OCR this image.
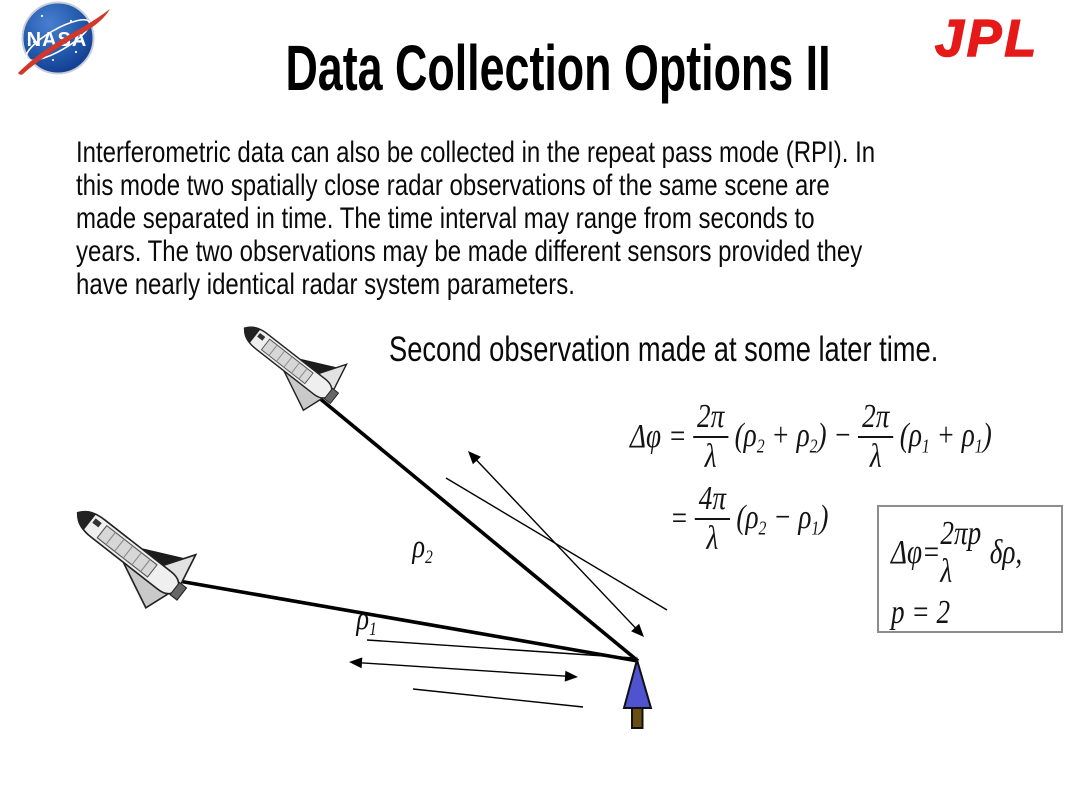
NASA	JPL
Data Collection Options II
Interferometric data can also be collected in the repeat pass mode (RPI). In
this mode two spatially close radar observations of the same scene are
made separated in time. The time interval may range from seconds to
years. The two observations may be made different sensors provided they
have nearly identical radar system parameters.
Second observation made at some later time.

ρ2

ρ1

$\Delta\varphi = \frac{2\pi}{\lambda} (\rho 2 + \rho 2) - \frac{2\pi}{\lambda} (\rho 1 + \rho 1)$
= $\frac{4\pi}{\lambda} (\rho 2 - \rho 1)$
Δφ =
2πp λ
δρ,
p = 2
